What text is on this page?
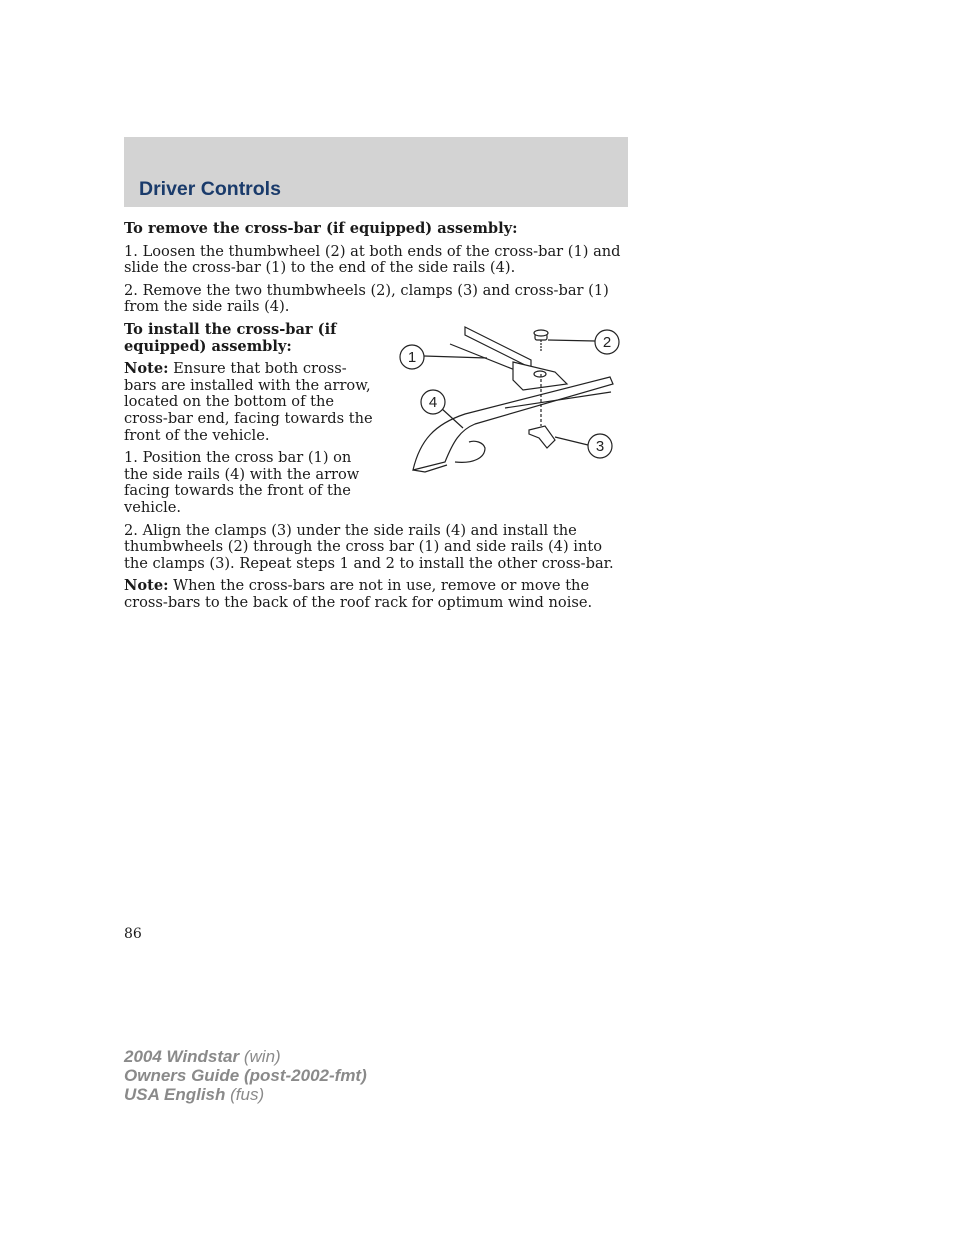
Driver Controls

To remove the cross-bar (if equipped) assembly:

1. Loosen the thumbwheel (2) at both ends of the cross-bar (1) and slide the cross-bar (1) to the end of the side rails (4).

2. Remove the two thumbwheels (2), clamps (3) and cross-bar (1) from the side rails (4).

To install the cross-bar (if equipped) assembly:

Note: Ensure that both cross-bars are installed with the arrow, located on the bottom of the cross-bar end, facing towards the front of the vehicle.

1. Position the cross bar (1) on the side rails (4) with the arrow facing towards the front of the vehicle.

2. Align the clamps (3) under the side rails (4) and install the thumbwheels (2) through the cross bar (1) and side rails (4) into the clamps (3). Repeat steps 1 and 2 to install the other cross-bar.

Note: When the cross-bars are not in use, remove or move the cross-bars to the back of the roof rack for optimum wind noise.

1
2
3
4
86
2004 Windstar (win)
Owners Guide (post-2002-fmt)
USA English (fus)
